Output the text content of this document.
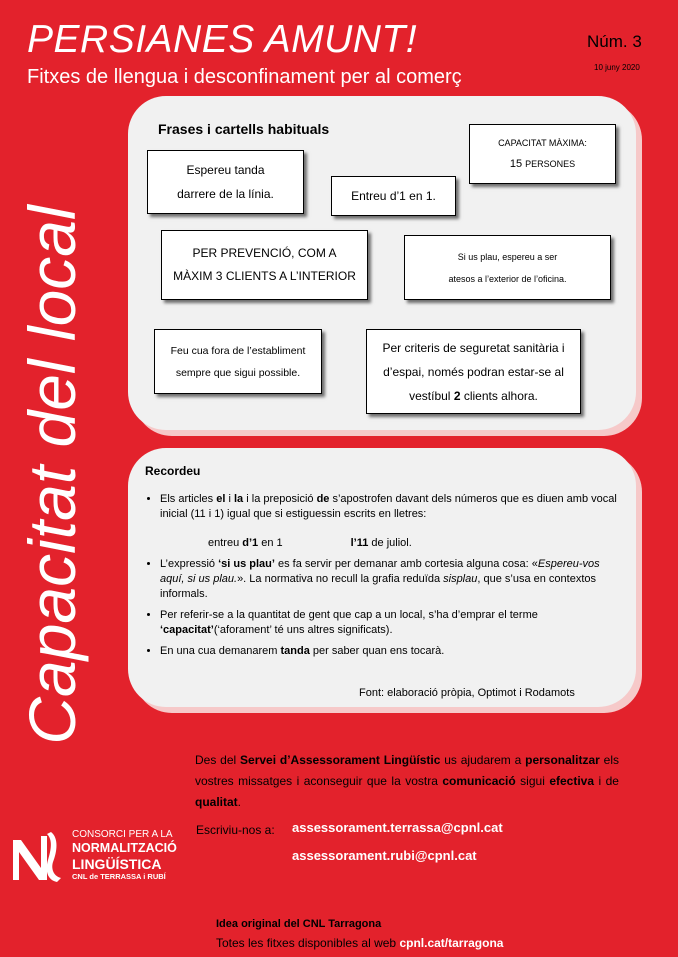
PERSIANES AMUNT!
Fitxes de llengua i desconfinament per al comerç
Núm. 3
10 juny 2020
Capacitat del local
Frases i cartells habituals
Espereu tanda
darrere de la línia.	Entreu d’1 en 1.
CAPACITAT MÀXIMA:
15 PERSONES
PER PREVENCIÓ, COM A
MÀXIM 3 CLIENTS A L’INTERIOR
Si us plau, espereu a ser
atesos a l’exterior de l’oficina.
Feu cua fora de l’establiment
sempre que sigui possible.
Per criteris de seguretat sanitària i
d’espai, només podran estar-se al
vestíbul 2 clients alhora.
Recordeu
• Els articles el i la i la preposició de s’apostrofen davant dels números que es diuen amb vocal inicial (11 i 1) igual que si estiguessin escrits en lletres:
entreu d’1 en 1	l’11 de juliol.
• L’expressió ‘si us plau’ es fa servir per demanar amb cortesia alguna cosa: «Espereu-vos aquí, si us plau.». La normativa no recull la grafia reduïda sisplau, que s’usa en contextos informals.
• Per referir-se a la quantitat de gent que cap a un local, s’ha d’emprar el terme ‘capacitat’(‘aforament’ té uns altres significats).
• En una cua demanarem tanda per saber quan ens tocarà.
Font: elaboració pròpia, Optimot i Rodamots
Des del Servei d’Assessorament Lingüístic us ajudarem a personalitzar els vostres missatges i aconseguir que la vostra comunicació sigui efectiva i de qualitat.
Escriviu-nos a: assessorament.terrassa@cpnl.cat
assessorament.rubi@cpnl.cat
CONSORCI PER A LA
NORMALITZACIÓ
LINGÜÍSTICA
CNL de TERRASSA i RUBÍ
Idea original del CNL Tarragona
Totes les fitxes disponibles al web cpnl.cat/tarragona
